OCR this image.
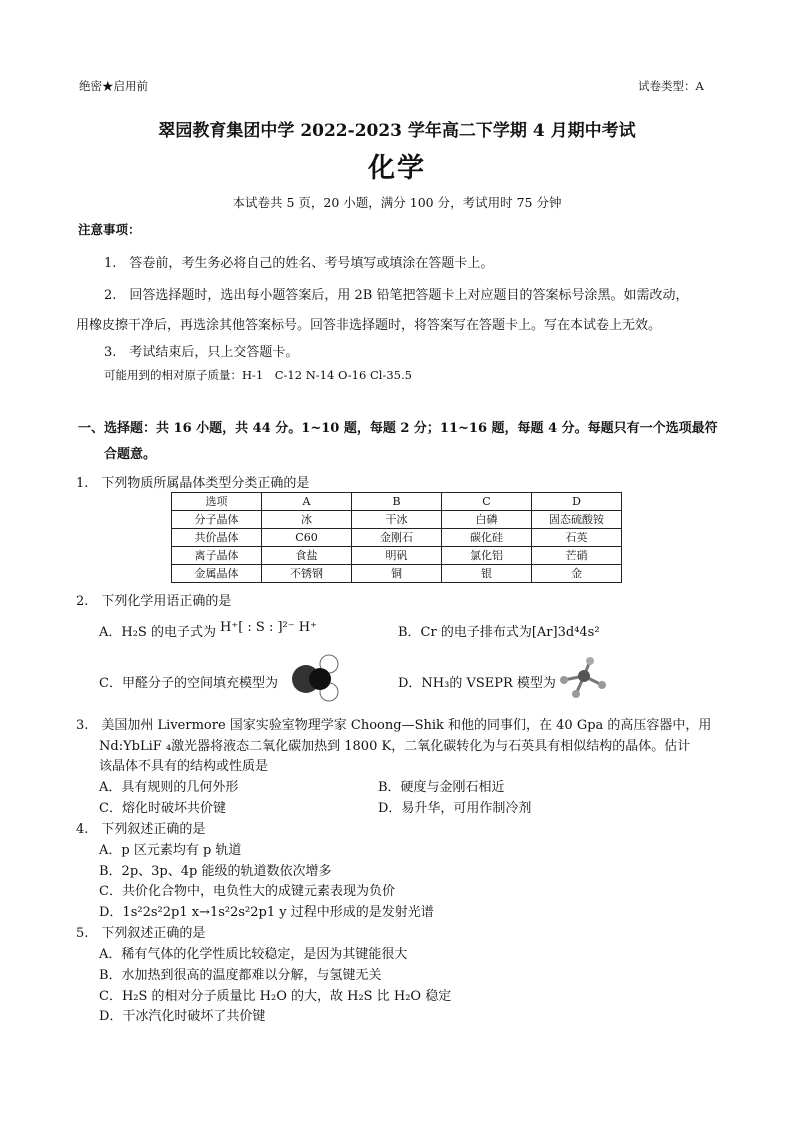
绝密★启用前	试卷类型：A
翠园教育集团中学 2022-2023 学年高二下学期 4 月期中考试
化学
本试卷共 5 页，20 小题，满分 100 分，考试用时 75 分钟
注意事项：
1.　答卷前，考生务必将自己的姓名、考号填写或填涂在答题卡上。
2.　回答选择题时，选出每小题答案后，用 2B 铅笔把答题卡上对应题目的答案标号涂黑。如需改动，
用橡皮擦干净后，再选涂其他答案标号。回答非选择题时，将答案写在答题卡上。写在本试卷上无效。
3.　考试结束后，只上交答题卡。
可能用到的相对原子质量：H-1　C-12 N-14 O-16 Cl-35.5
一、选择题：共 16 小题，共 44 分。1~10 题，每题 2 分；11~16 题，每题 4 分。每题只有一个选项最符
合题意。
1.　下列物质所属晶体类型分类正确的是
选项	A	B	C	D
分子晶体	冰	干冰	白磷	固态硫酸铵
共价晶体	C60	金刚石	碳化硅	石英
离子晶体	食盐	明矾	氯化铝	芒硝
金属晶体	不锈钢	铜	银	金
2.　下列化学用语正确的是
A．H₂S 的电子式为 H⁺[ : S : ]²⁻ H⁺	B．Cr 的电子排布式为[Ar]3d⁴4s²
C．甲醛分子的空间填充模型为	D．NH₃的 VSEPR 模型为
3.　美国加州 Livermore 国家实验室物理学家 Choong—Shik 和他的同事们，在 40 Gpa 的高压容器中，用
Nd:YbLiF ₄激光器将液态二氧化碳加热到 1800 K，二氧化碳转化为与石英具有相似结构的晶体。估计
该晶体不具有的结构或性质是
A．具有规则的几何外形	B．硬度与金刚石相近
C．熔化时破坏共价键	D．易升华，可用作制冷剂
4.　下列叙述正确的是
A．p 区元素均有 p 轨道
B．2p、3p、4p 能级的轨道数依次增多
C．共价化合物中，电负性大的成键元素表现为负价
D．1s²2s²2p1 x→1s²2s²2p1 y 过程中形成的是发射光谱
5.　下列叙述正确的是
A．稀有气体的化学性质比较稳定，是因为其键能很大
B．水加热到很高的温度都难以分解，与氢键无关
C．H₂S 的相对分子质量比 H₂O 的大，故 H₂S 比 H₂O 稳定
D．干冰汽化时破坏了共价键
